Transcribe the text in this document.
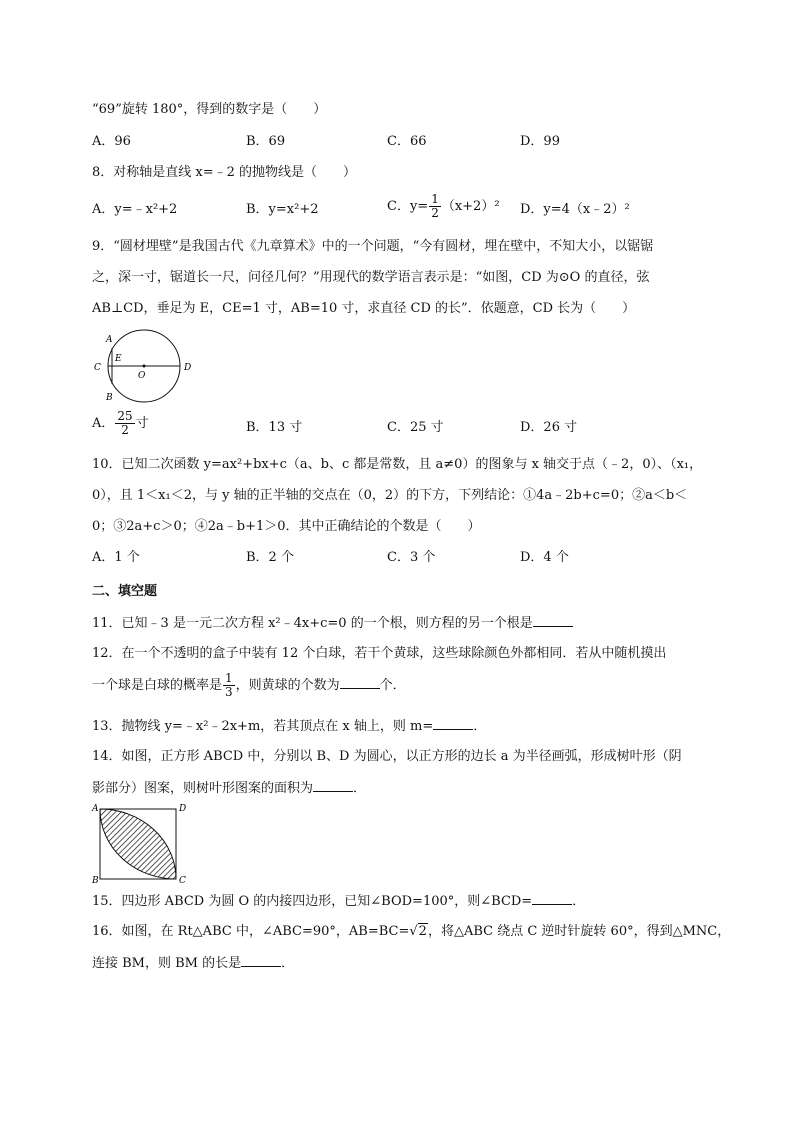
“69”旋转 180°，得到的数字是（　　）
A．96	B．69	C．66	D．99
8．对称轴是直线 x=﹣2 的抛物线是（　　）
A．y=﹣x²+2	B．y=x²+2	C．$y= \frac{1}{2} (x+2)^2$ D．y=4（x﹣2）²
9．“圆材埋壁”是我国古代《九章算术》中的一个问题，“今有圆材，埋在壁中，不知大小，以锯锯
之，深一寸，锯道长一尺，问径几何？”用现代的数学语言表示是：“如图，CD 为⊙O 的直径，弦
AB⊥CD，垂足为 E，CE=1 寸，AB=10 寸，求直径 CD 的长”．依题意，CD 长为（　　）
A
B
C	D
E
O
A． $\frac{25}{2}$ 寸	B．13 寸	C．25 寸	D．26 寸
10．已知二次函数 y=ax²+bx+c（a、b、c 都是常数，且 a≠0）的图象与 x 轴交于点（﹣2，0）、（x₁，
0），且 1＜x₁＜2，与 y 轴的正半轴的交点在（0，2）的下方，下列结论：①4a﹣2b+c=0；②a＜b＜
0；③2a+c＞0；④2a﹣b+1＞0．其中正确结论的个数是（　　）
A．1 个	B．2 个	C．3 个	D．4 个
二、填空题
11．已知﹣3 是一元二次方程 x²﹣4x+c=0 的一个根，则方程的另一个根是
12．在一个不透明的盒子中装有 12 个白球，若干个黄球，这些球除颜色外都相同．若从中随机摸出
一个球是白球的概率是 $\frac{1}{3}$ ，则黄球的个数为	个．
13．抛物线 y=﹣x²﹣2x+m，若其顶点在 x 轴上，则 m=	．
14．如图，正方形 ABCD 中，分别以 B、D 为圆心，以正方形的边长 a 为半径画弧，形成树叶形（阴
影部分）图案，则树叶形图案的面积为	．
A	D
B	C
15．四边形 ABCD 为圆 O 的内接四边形，已知∠BOD=100°，则∠BCD=	．
16．如图，在 Rt△ABC 中，∠ABC=90°，AB=BC=√2，将△ABC 绕点 C 逆时针旋转 60°，得到△MNC，
连接 BM，则 BM 的长是	．
